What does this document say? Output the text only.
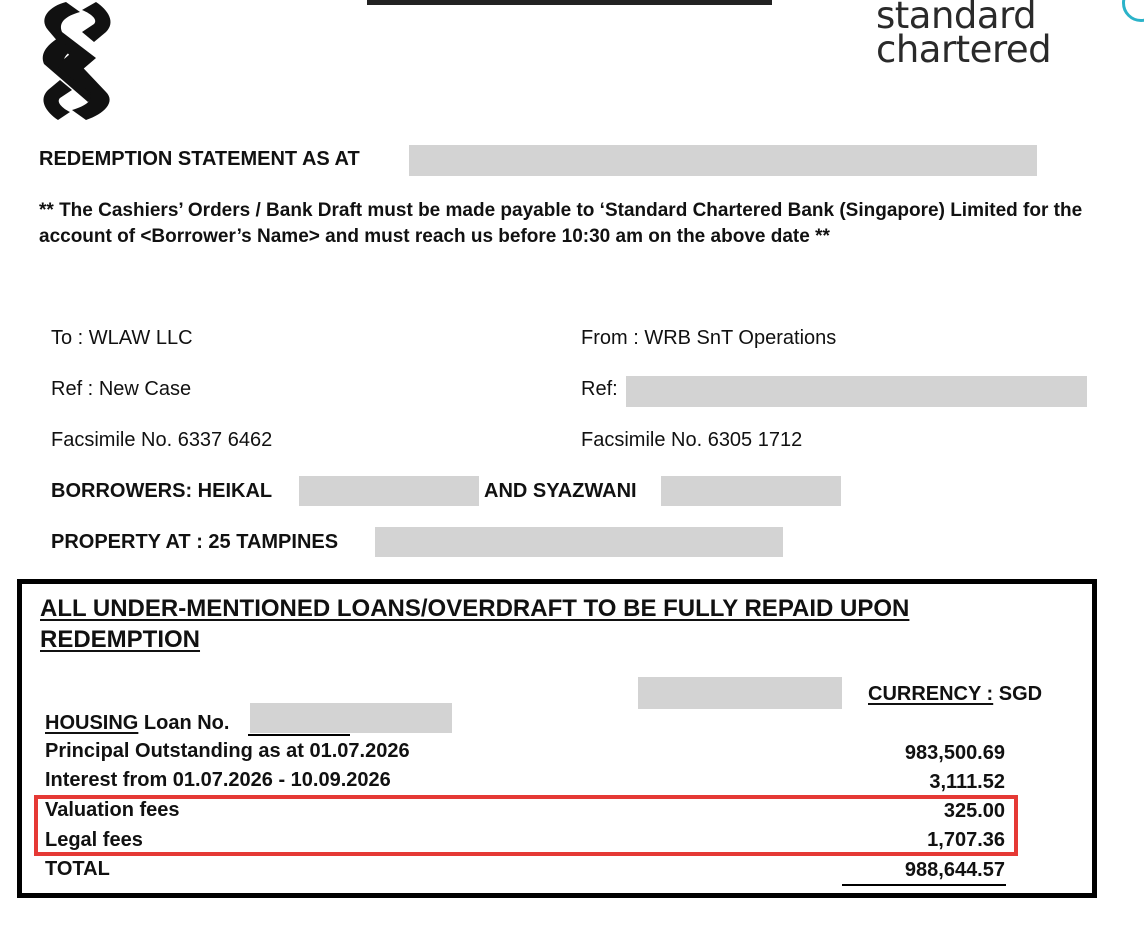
standard
chartered
REDEMPTION STATEMENT AS AT
** The Cashiers’ Orders / Bank Draft must be made payable to ‘Standard Chartered Bank (Singapore) Limited for the account of <Borrower’s Name> and must reach us before 10:30 am on the above date **
To : WLAW LLC
Ref : New Case
Facsimile No. 6337 6462
From : WRB SnT Operations
Ref:
Facsimile No. 6305 1712
BORROWERS: HEIKAL	AND SYAZWANI
PROPERTY AT : 25 TAMPINES
ALL UNDER-MENTIONED LOANS/OVERDRAFT TO BE FULLY REPAID UPON REDEMPTION
CURRENCY : SGD
HOUSING Loan No.
Principal Outstanding as at 01.07.2026	983,500.69
Interest from 01.07.2026 - 10.09.2026	3,111.52
Valuation fees	325.00
Legal fees	1,707.36
TOTAL	988,644.57
